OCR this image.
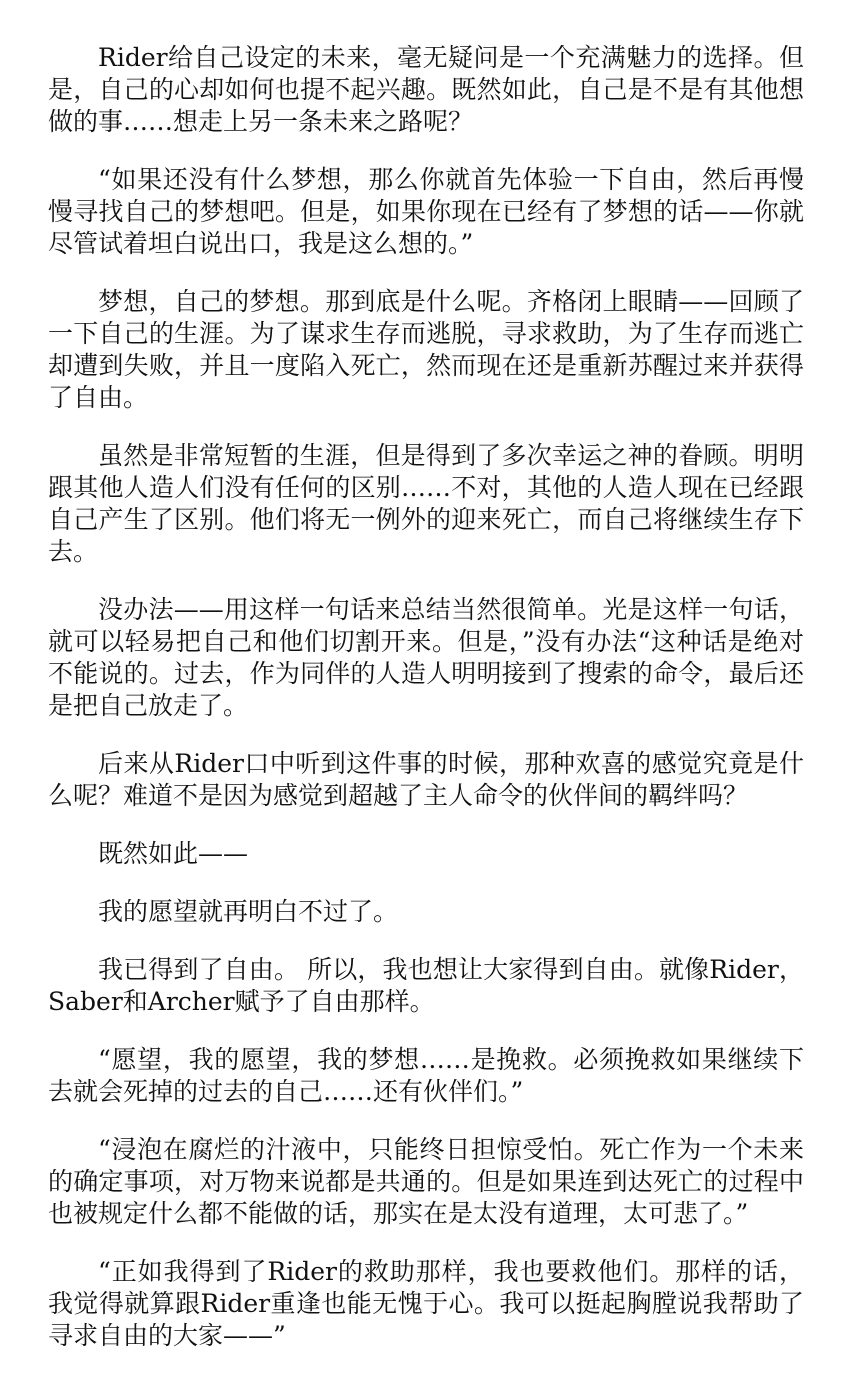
Rider给自己设定的未来，毫无疑问是一个充满魅力的选择。但是，自己的心却如何也提不起兴趣。既然如此，自己是不是有其他想做的事……想走上另一条未来之路呢？

“如果还没有什么梦想，那么你就首先体验一下自由，然后再慢慢寻找自己的梦想吧。但是，如果你现在已经有了梦想的话——你就尽管试着坦白说出口，我是这么想的。”

梦想，自己的梦想。那到底是什么呢。齐格闭上眼睛——回顾了一下自己的生涯。为了谋求生存而逃脱，寻求救助，为了生存而逃亡却遭到失败，并且一度陷入死亡，然而现在还是重新苏醒过来并获得了自由。

虽然是非常短暂的生涯，但是得到了多次幸运之神的眷顾。明明跟其他人造人们没有任何的区别……不对，其他的人造人现在已经跟自己产生了区别。他们将无一例外的迎来死亡，而自己将继续生存下去。

没办法——用这样一句话来总结当然很简单。光是这样一句话，就可以轻易把自己和他们切割开来。但是，”没有办法“这种话是绝对不能说的。过去，作为同伴的人造人明明接到了搜索的命令，最后还是把自己放走了。

后来从Rider口中听到这件事的时候，那种欢喜的感觉究竟是什么呢？难道不是因为感觉到超越了主人命令的伙伴间的羁绊吗？

既然如此——

我的愿望就再明白不过了。

我已得到了自由。 所以，我也想让大家得到自由。就像Rider，Saber和Archer赋予了自由那样。

“愿望，我的愿望，我的梦想……是挽救。必须挽救如果继续下去就会死掉的过去的自己……还有伙伴们。”

“浸泡在腐烂的汁液中，只能终日担惊受怕。死亡作为一个未来的确定事项，对万物来说都是共通的。但是如果连到达死亡的过程中也被规定什么都不能做的话，那实在是太没有道理，太可悲了。”

“正如我得到了Rider的救助那样，我也要救他们。那样的话，我觉得就算跟Rider重逢也能无愧于心。我可以挺起胸膛说我帮助了寻求自由的大家——”
